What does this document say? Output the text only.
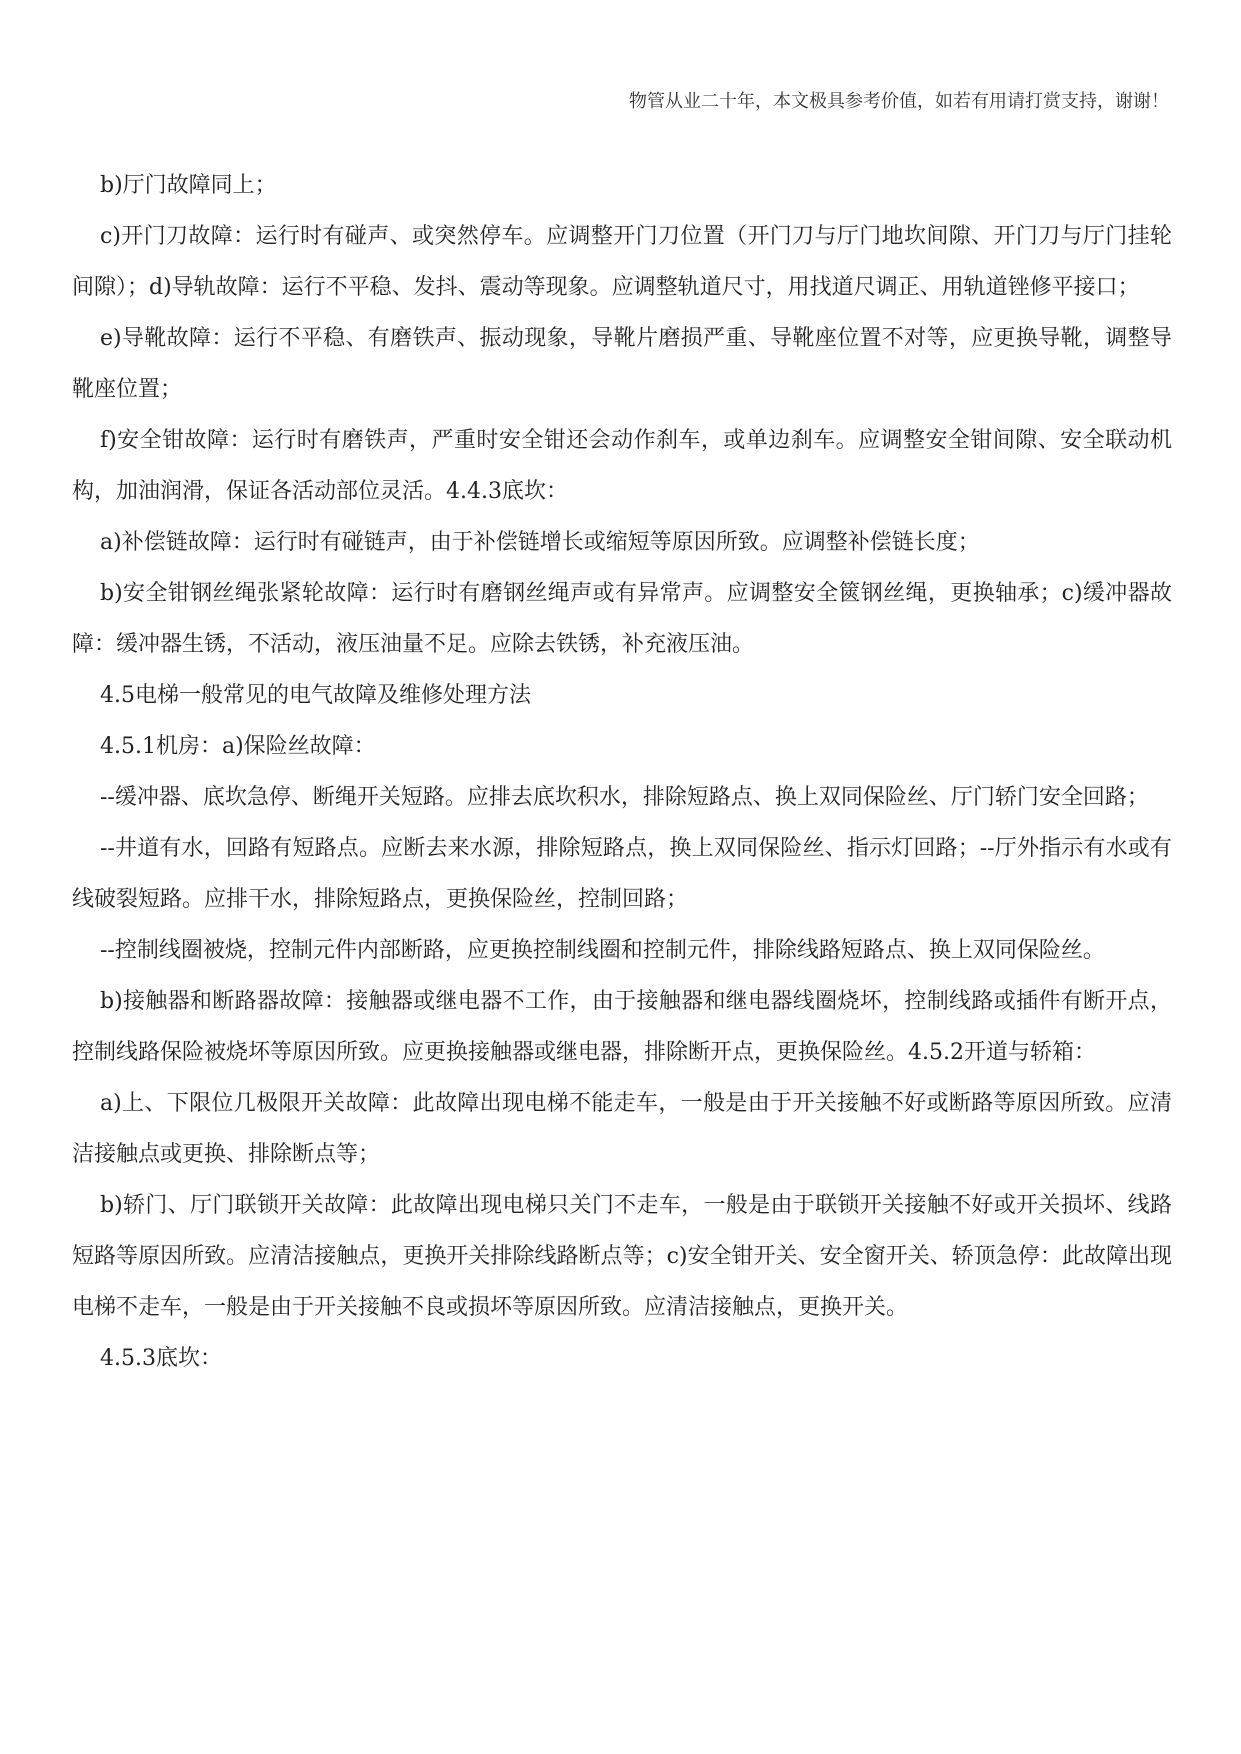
物管从业二十年，本文极具参考价值，如若有用请打赏支持，谢谢！

b)厅门故障同上；

c)开门刀故障：运行时有碰声、或突然停车。应调整开门刀位置（开门刀与厅门地坎间隙、开门刀与厅门挂轮间隙）；d)导轨故障：运行不平稳、发抖、震动等现象。应调整轨道尺寸，用找道尺调正、用轨道锉修平接口；

e)导靴故障：运行不平稳、有磨铁声、振动现象，导靴片磨损严重、导靴座位置不对等，应更换导靴，调整导靴座位置；

f)安全钳故障：运行时有磨铁声，严重时安全钳还会动作刹车，或单边刹车。应调整安全钳间隙、安全联动机构，加油润滑，保证各活动部位灵活。4.4.3底坎：

a)补偿链故障：运行时有碰链声，由于补偿链增长或缩短等原因所致。应调整补偿链长度；

b)安全钳钢丝绳张紧轮故障：运行时有磨钢丝绳声或有异常声。应调整安全篋钢丝绳，更换轴承；c)缓冲器故障：缓冲器生锈，不活动，液压油量不足。应除去铁锈，补充液压油。

4.5电梯一般常见的电气故障及维修处理方法

4.5.1机房：a)保险丝故障：

--缓冲器、底坎急停、断绳开关短路。应排去底坎积水，排除短路点、换上双同保险丝、厅门轿门安全回路；

--井道有水，回路有短路点。应断去来水源，排除短路点，换上双同保险丝、指示灯回路；--厅外指示有水或有线破裂短路。应排干水，排除短路点，更换保险丝，控制回路；

--控制线圈被烧，控制元件内部断路，应更换控制线圈和控制元件，排除线路短路点、换上双同保险丝。

b)接触器和断路器故障：接触器或继电器不工作，由于接触器和继电器线圈烧坏，控制线路或插件有断开点，控制线路保险被烧坏等原因所致。应更换接触器或继电器，排除断开点，更换保险丝。4.5.2开道与轿箱：

a)上、下限位几极限开关故障：此故障出现电梯不能走车，一般是由于开关接触不好或断路等原因所致。应清洁接触点或更换、排除断点等；

b)轿门、厅门联锁开关故障：此故障出现电梯只关门不走车，一般是由于联锁开关接触不好或开关损坏、线路短路等原因所致。应清洁接触点，更换开关排除线路断点等；c)安全钳开关、安全窗开关、轿顶急停：此故障出现电梯不走车，一般是由于开关接触不良或损坏等原因所致。应清洁接触点，更换开关。

4.5.3底坎：
